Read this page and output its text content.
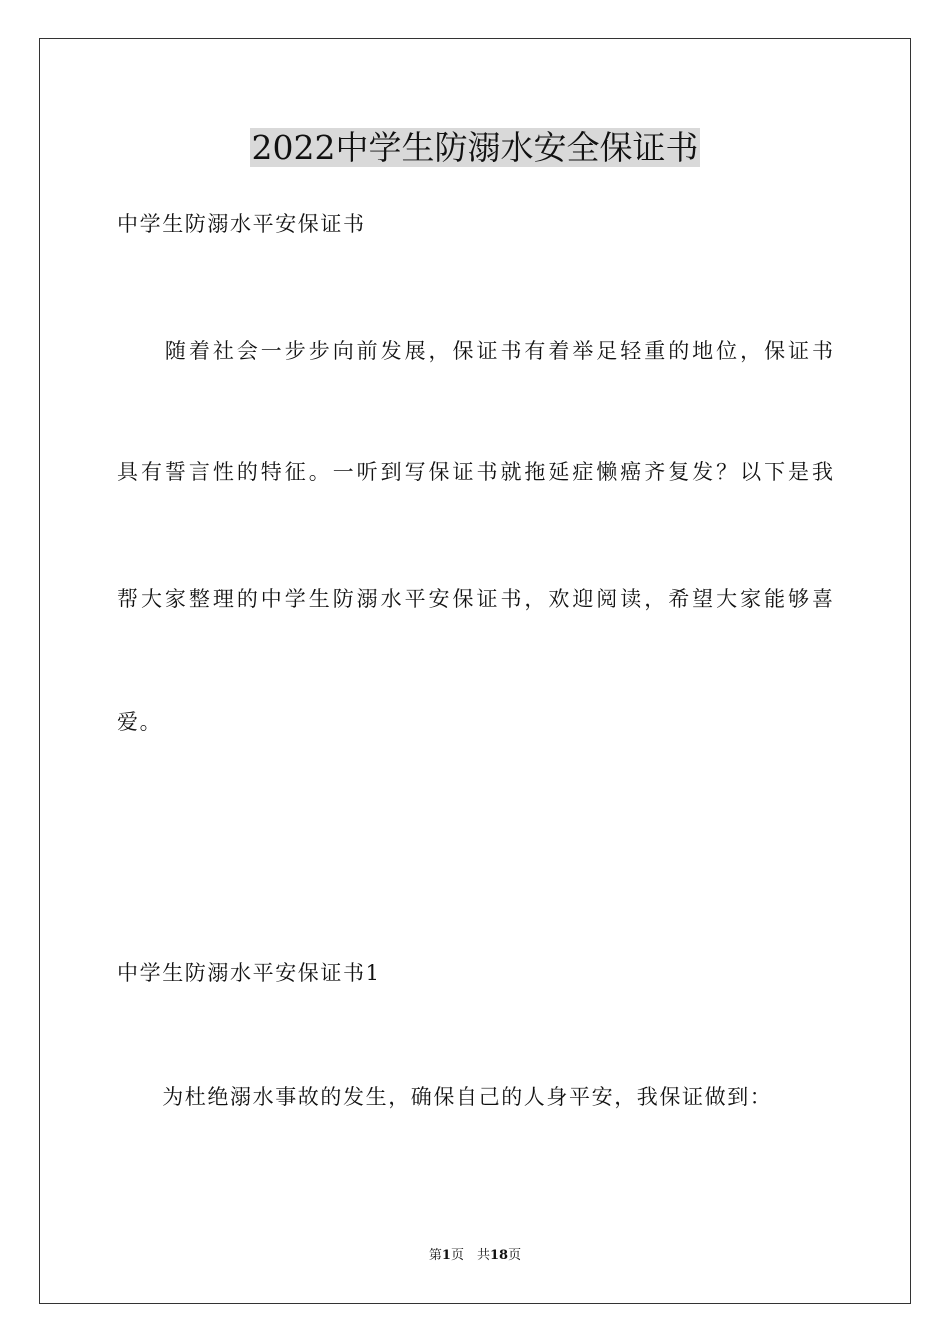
2022中学生防溺水安全保证书
中学生防溺水平安保证书
　　随着社会一步步向前发展，保证书有着举足轻重的地位，保证书
具有誓言性的特征。一听到写保证书就拖延症懒癌齐复发？以下是我
帮大家整理的中学生防溺水平安保证书，欢迎阅读，希望大家能够喜
爱。
中学生防溺水平安保证书1
　　为杜绝溺水事故的发生，确保自己的人身平安，我保证做到：
第1页　共18页
